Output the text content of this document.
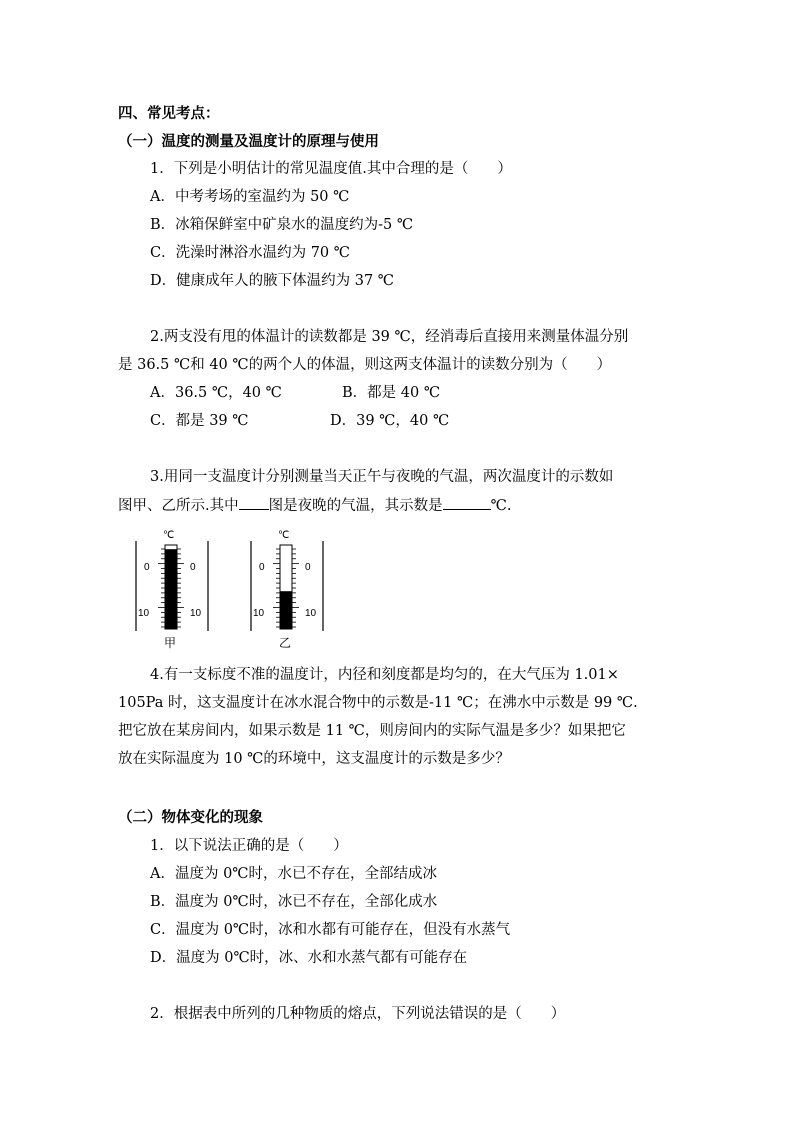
四、常见考点：
（一）温度的测量及温度计的原理与使用
1．下列是小明估计的常见温度值.其中合理的是（　　）
A．中考考场的室温约为 50 ℃
B．冰箱保鲜室中矿泉水的温度约为-5 ℃
C．洗澡时淋浴水温约为 70 ℃
D．健康成年人的腋下体温约为 37 ℃
2.两支没有甩的体温计的读数都是 39 ℃，经消毒后直接用来测量体温分别
是 36.5 ℃和 40 ℃的两个人的体温，则这两支体温计的读数分别为（　　）
A．36.5 ℃，40 ℃	B．都是 40 ℃
C．都是 39 ℃	D．39 ℃，40 ℃
3.用同一支温度计分别测量当天正午与夜晚的气温，两次温度计的示数如
图甲、乙所示.其中 图是夜晚的气温，其示数是	℃.
℃
0	0
10	10
甲
℃
0	0
10	10
乙
4.有一支标度不准的温度计，内径和刻度都是均匀的，在大气压为 1.01×
105Pa 时，这支温度计在冰水混合物中的示数是-11 ℃；在沸水中示数是 99 ℃.
把它放在某房间内，如果示数是 11 ℃，则房间内的实际气温是多少？如果把它
放在实际温度为 10 ℃的环境中，这支温度计的示数是多少？
（二）物体变化的现象
1．以下说法正确的是（　　）
A．温度为 0℃时，水已不存在，全部结成冰
B．温度为 0℃时，冰已不存在，全部化成水
C．温度为 0℃时，冰和水都有可能存在，但没有水蒸气
D．温度为 0℃时，冰、水和水蒸气都有可能存在
2．根据表中所列的几种物质的熔点，下列说法错误的是（　　）
